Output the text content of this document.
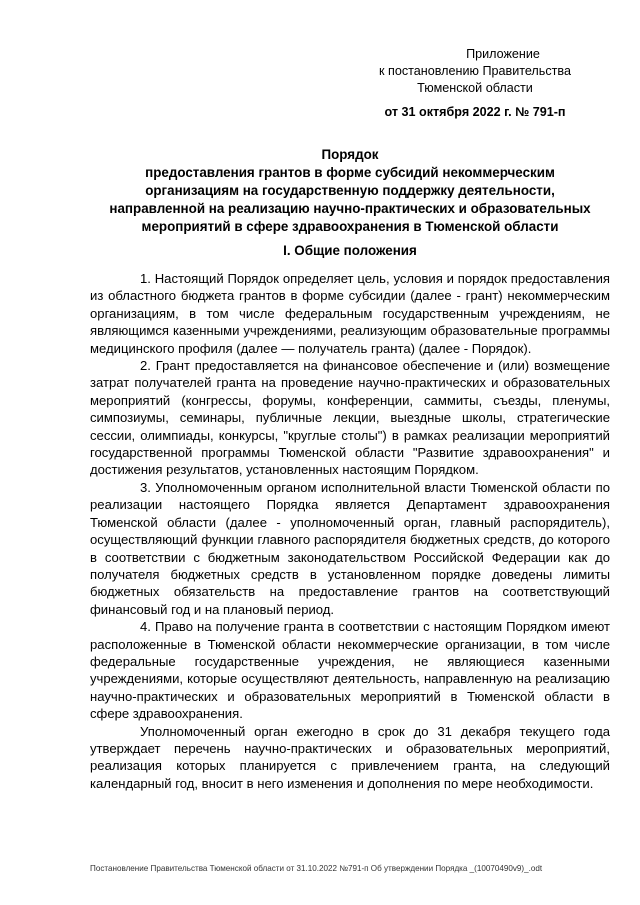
Приложение
к постановлению Правительства
Тюменской области
от 31 октября 2022 г. № 791-п
Порядок
предоставления грантов в форме субсидий некоммерческим
организациям на государственную поддержку деятельности,
направленной на реализацию научно-практических и образовательных
мероприятий в сфере здравоохранения в Тюменской области
I. Общие положения

1. Настоящий Порядок определяет цель, условия и порядок предоставления из областного бюджета грантов в форме субсидии (далее - грант) некоммерческим организациям, в том числе федеральным государственным учреждениям, не являющимся казенными учреждениями, реализующим образовательные программы медицинского профиля (далее — получатель гранта) (далее - Порядок).

2. Грант предоставляется на финансовое обеспечение и (или) возмещение затрат получателей гранта на проведение научно-практических и образовательных мероприятий (конгрессы, форумы, конференции, саммиты, съезды, пленумы, симпозиумы, семинары, публичные лекции, выездные школы, стратегические сессии, олимпиады, конкурсы, "круглые столы") в рамках реализации мероприятий государственной программы Тюменской области "Развитие здравоохранения" и достижения результатов, установленных настоящим Порядком.

3. Уполномоченным органом исполнительной власти Тюменской области по реализации настоящего Порядка является Департамент здравоохранения Тюменской области (далее - уполномоченный орган, главный распорядитель), осуществляющий функции главного распорядителя бюджетных средств, до которого в соответствии с бюджетным законодательством Российской Федерации как до получателя бюджетных средств в установленном порядке доведены лимиты бюджетных обязательств на предоставление грантов на соответствующий финансовый год и на плановый период.

4. Право на получение гранта в соответствии с настоящим Порядком имеют расположенные в Тюменской области некоммерческие организации, в том числе федеральные государственные учреждения, не являющиеся казенными учреждениями, которые осуществляют деятельность, направленную на реализацию научно-практических и образовательных мероприятий в Тюменской области в сфере здравоохранения.

Уполномоченный орган ежегодно в срок до 31 декабря текущего года утверждает перечень научно-практических и образовательных мероприятий, реализация которых планируется с привлечением гранта, на следующий календарный год, вносит в него изменения и дополнения по мере необходимости.

Постановление Правительства Тюменской области от 31.10.2022 №791-п Об утверждении Порядка _(10070490v9)_.odt
